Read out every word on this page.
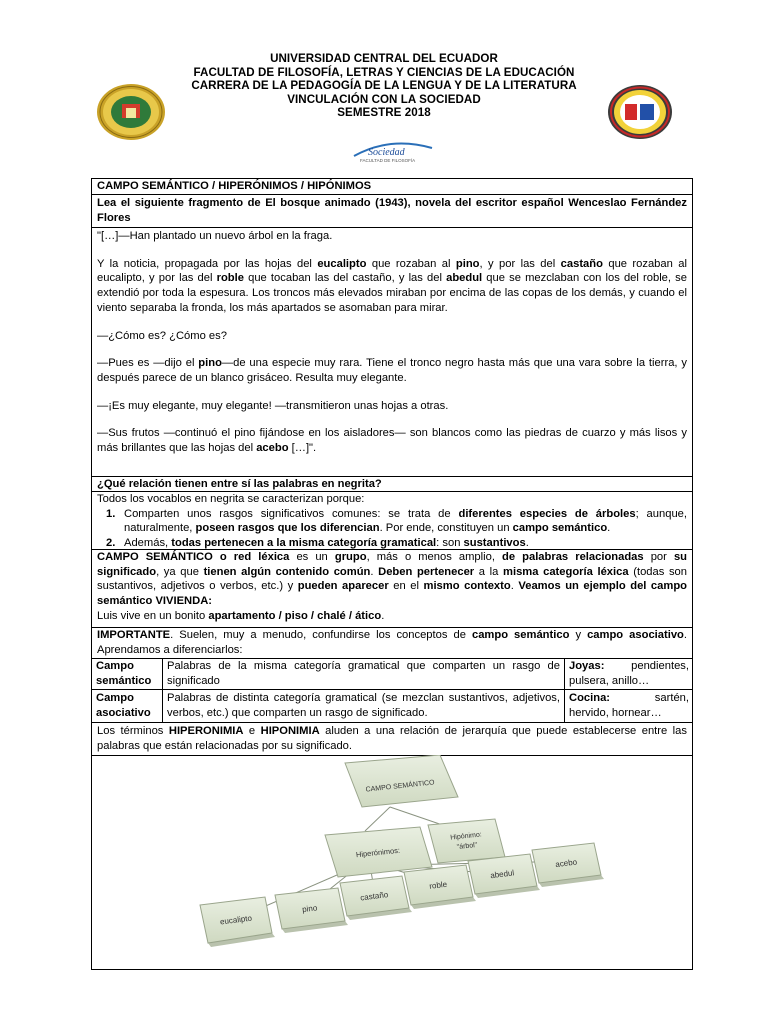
UNIVERSIDAD CENTRAL DEL ECUADOR
FACULTAD DE FILOSOFÍA, LETRAS Y CIENCIAS DE LA EDUCACIÓN
CARRERA DE LA PEDAGOGÍA DE LA LENGUA Y DE LA LITERATURA
VINCULACIÓN CON LA SOCIEDAD
SEMESTRE 2018
Sociedad
FACULTAD DE FILOSOFÍA
CAMPO SEMÁNTICO / HIPERÓNIMOS / HIPÓNIMOS
Lea el siguiente fragmento de El bosque animado (1943), novela del escritor español Wenceslao Fernández Flores

"[…]—Han plantado un nuevo árbol en la fraga.

Y la noticia, propagada por las hojas del eucalipto que rozaban al pino, y por las del castaño que rozaban al eucalipto, y por las del roble que tocaban las del castaño, y las del abedul que se mezclaban con los del roble, se extendió por toda la espesura. Los troncos más elevados miraban por encima de las copas de los demás, y cuando el viento separaba la fronda, los más apartados se asomaban para mirar.

—¿Cómo es? ¿Cómo es?

—Pues es —dijo el pino—de una especie muy rara. Tiene el tronco negro hasta más que una vara sobre la tierra, y después parece de un blanco grisáceo. Resulta muy elegante.

—¡Es muy elegante, muy elegante! —transmitieron unas hojas a otras.

—Sus frutos —continuó el pino fijándose en los aisladores— son blancos como las piedras de cuarzo y más lisos y más brillantes que las hojas del acebo […]".

¿Qué relación tienen entre sí las palabras en negrita?

Todos los vocablos en negrita se caracterizan porque:

1. Comparten unos rasgos significativos comunes: se trata de diferentes especies de árboles; aunque, naturalmente, poseen rasgos que los diferencian. Por ende, constituyen un campo semántico.
2. Además, todas pertenecen a la misma categoría gramatical: son sustantivos.

CAMPO SEMÁNTICO o red léxica es un grupo, más o menos amplio, de palabras relacionadas por su significado, ya que tienen algún contenido común. Deben pertenecer a la misma categoría léxica (todas son sustantivos, adjetivos o verbos, etc.) y pueden aparecer en el mismo contexto. Veamos un ejemplo del campo semántico VIVIENDA:

Luis vive en un bonito apartamento / piso / chalé / ático.

IMPORTANTE. Suelen, muy a menudo, confundirse los conceptos de campo semántico y campo asociativo. Aprendamos a diferenciarlos:

Campo semántico
Palabras de la misma categoría gramatical que comparten un rasgo de significado
Joyas: pendientes, pulsera, anillo…
Campo asociativo
Palabras de distinta categoría gramatical (se mezclan sustantivos, adjetivos, verbos, etc.) que comparten un rasgo de significado.
Cocina:	sartén, hervido, hornear…

Los términos HIPERONIMIA e HIPONIMIA aluden a una relación de jerarquía que puede establecerse entre las palabras que están relacionadas por su significado.

CAMPO SEMÁNTICO
Hiperónimos:
Hipónimo:
"árbol"
eucalipto
pino
castaño
roble
abedul
acebo
